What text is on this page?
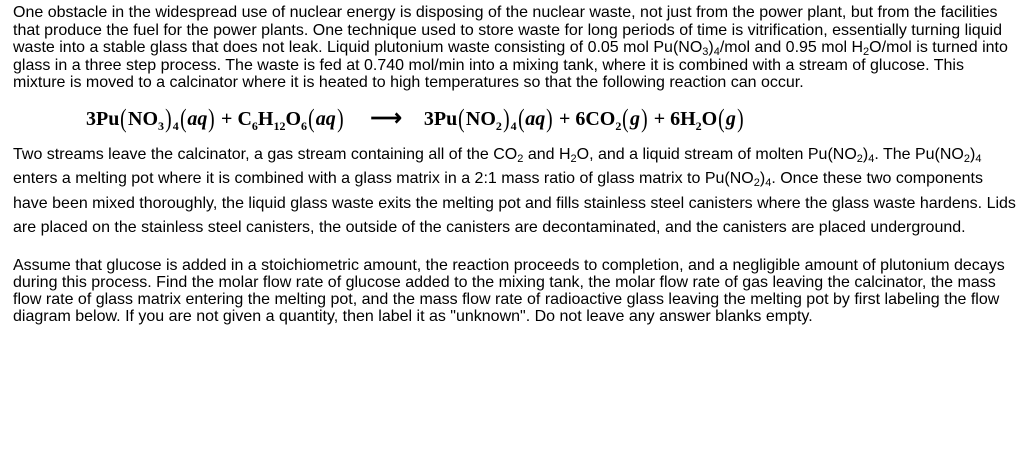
One obstacle in the widespread use of nuclear energy is disposing of the nuclear waste, not just from the power plant, but from the facilities that produce the fuel for the power plants. One technique used to store waste for long periods of time is vitrification, essentially turning liquid waste into a stable glass that does not leak. Liquid plutonium waste consisting of 0.05 mol $Pu(NO_3)_4$/mol and 0.95 mol $H_2O$/mol is turned into glass in a three step process. The waste is fed at 0.740 mol/min into a mixing tank, where it is combined with a stream of glucose. This mixture is moved to a calcinator where it is heated to high temperatures so that the following reaction can occur.

$3Pu(NO_3)_4(aq) + C_6H_{12}O_6(aq)$ ⟶ $3Pu(NO_2)_4(aq) + 6CO_2(g) + 6H_2O(g)$

Two streams leave the calcinator, a gas stream containing all of the $CO_2$ and $H_2O$, and a liquid stream of molten $Pu(NO_2)_4$. The $Pu(NO_2)_4$ enters a melting pot where it is combined with a glass matrix in a 2:1 mass ratio of glass matrix to $Pu(NO_2)_4$. Once these two components have been mixed thoroughly, the liquid glass waste exits the melting pot and fills stainless steel canisters where the glass waste hardens. Lids are placed on the stainless steel canisters, the outside of the canisters are decontaminated, and the canisters are placed underground.

Assume that glucose is added in a stoichiometric amount, the reaction proceeds to completion, and a negligible amount of plutonium decays during this process. Find the molar flow rate of glucose added to the mixing tank, the molar flow rate of gas leaving the calcinator, the mass flow rate of glass matrix entering the melting pot, and the mass flow rate of radioactive glass leaving the melting pot by first labeling the flow diagram below. If you are not given a quantity, then label it as "unknown". Do not leave any answer blanks empty.
